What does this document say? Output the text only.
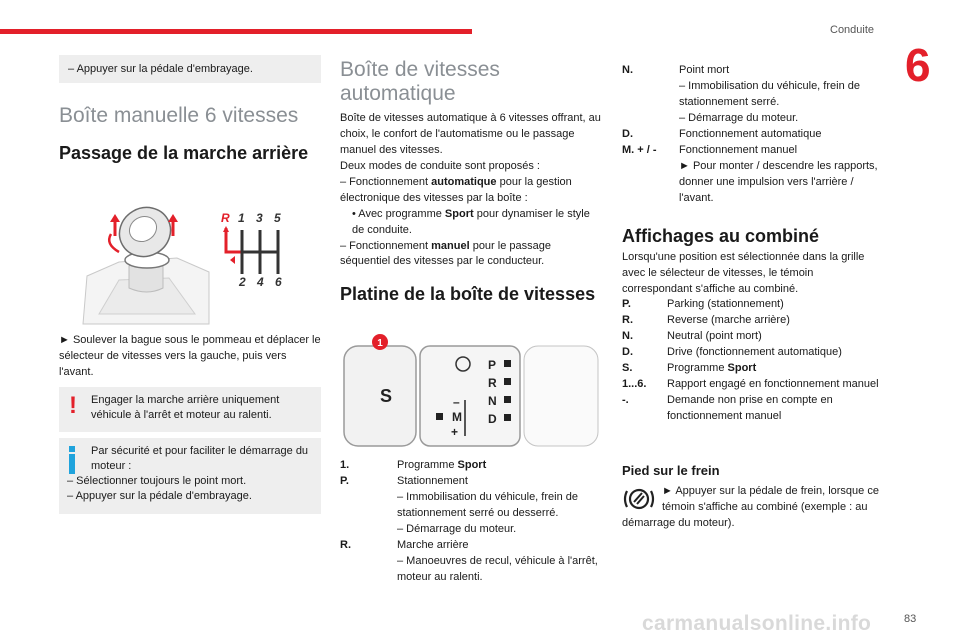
Conduite
6
83
carmanualsonline.info
– Appuyer sur la pédale d'embrayage.
Boîte manuelle 6 vitesses
Passage de la marche arrière
R 1 3 5
2 4 6

► Soulever la bague sous le pommeau et déplacer le sélecteur de vitesses vers la gauche, puis vers l'avant.

! Engager la marche arrière uniquement véhicule à l'arrêt et moteur au ralenti.
Par sécurité et pour faciliter le démarrage du moteur :
– Sélectionner toujours le point mort.
– Appuyer sur la pédale d'embrayage.
Boîte de vitesses automatique

Boîte de vitesses automatique à 6 vitesses offrant, au choix, le confort de l'automatisme ou le passage manuel des vitesses.

Deux modes de conduite sont proposés :

– Fonctionnement automatique pour la gestion électronique des vitesses par la boîte :

• Avec programme Sport pour dynamiser le style de conduite.

– Fonctionnement manuel pour le passage séquentiel des vitesses par le conducteur.

Platine de la boîte de vitesses
1
S
P
R
N
D
–
M
+
1.	Programme Sport
P.	Stationnement
– Immobilisation du véhicule, frein de stationnement serré ou desserré.
– Démarrage du moteur.
R.	Marche arrière
– Manoeuvres de recul, véhicule à l'arrêt, moteur au ralenti.
N.	Point mort
– Immobilisation du véhicule, frein de stationnement serré.
– Démarrage du moteur.
D.	Fonctionnement automatique
M. + / -	Fonctionnement manuel
► Pour monter / descendre les rapports, donner une impulsion vers l'arrière / l'avant.
Affichages au combiné

Lorsqu'une position est sélectionnée dans la grille avec le sélecteur de vitesses, le témoin correspondant s'affiche au combiné.

P.	Parking (stationnement)
R.	Reverse (marche arrière)
N.	Neutral (point mort)
D.	Drive (fonctionnement automatique)
S.	Programme Sport
1...6.	Rapport engagé en fonctionnement manuel
-.	Demande non prise en compte en fonctionnement manuel
Pied sur le frein

► Appuyer sur la pédale de frein, lorsque ce témoin s'affiche au combiné (exemple : au démarrage du moteur).
